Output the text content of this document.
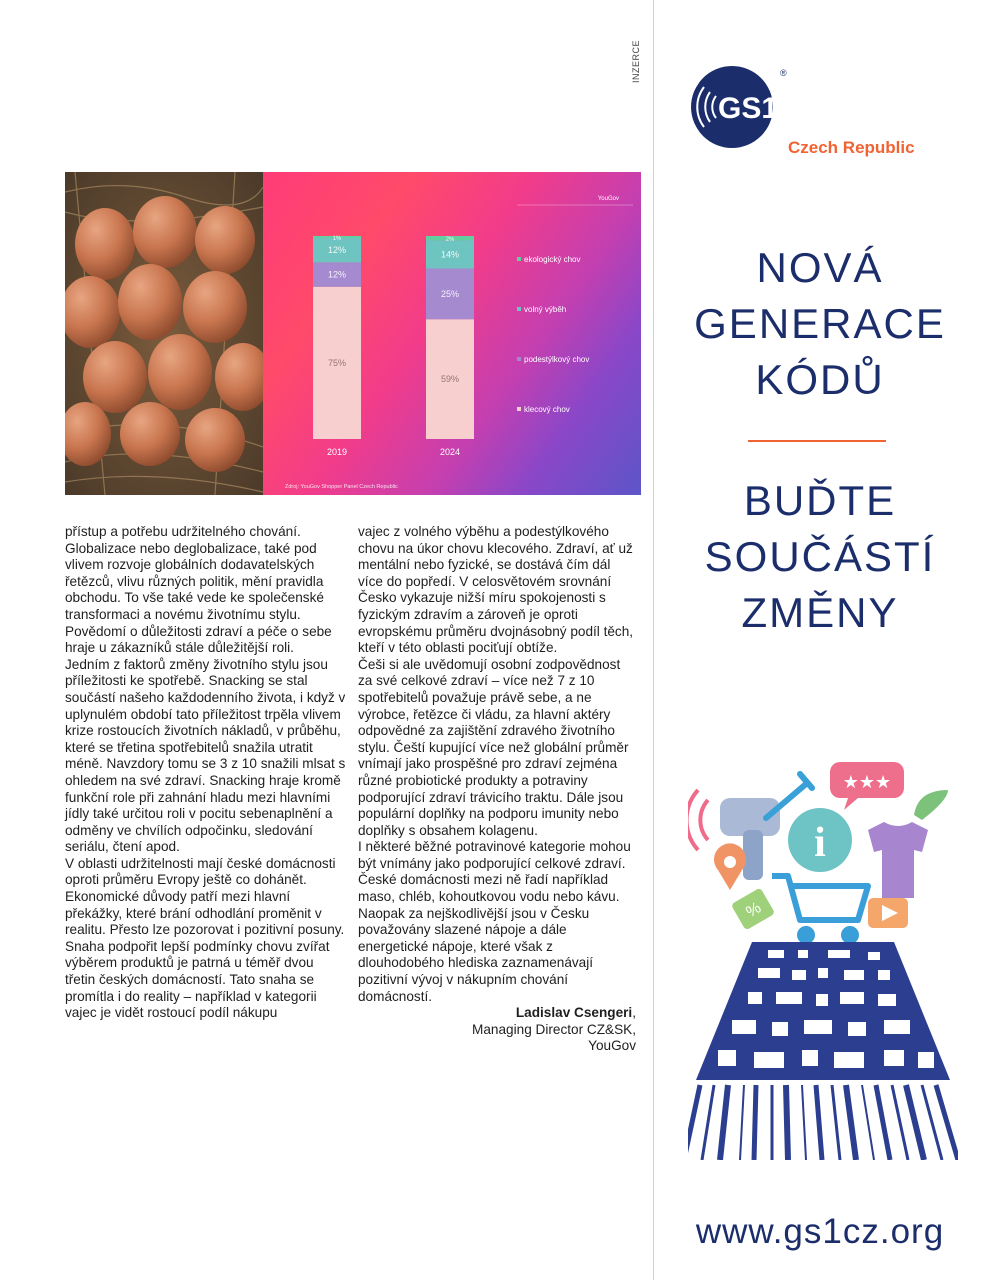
YouGov
75%
12%
12%
1%
2019
59%
25%
14%
2%
2024
ekologický chov
volný výběh
podestýlkový chov
klecový chov
Zdroj: YouGov Shopper Panel Czech Republic

přístup a potřebu udržitelného chování. Globalizace nebo deglobalizace, také pod vlivem rozvoje globálních dodavatelských řetězců, vlivu různých politik, mění pravidla obchodu. To vše také vede ke společenské transformaci a novému životnímu stylu. Povědomí o důležitosti zdraví a péče o sebe hraje u zákazníků stále důležitější roli.

Jedním z faktorů změny životního stylu jsou příležitosti ke spotřebě. Snacking se stal součástí našeho každodenního života, i když v uplynulém období tato příležitost trpěla vlivem krize rostoucích životních nákladů, v průběhu, které se třetina spotřebitelů snažila utratit méně. Navzdory tomu se 3 z 10 snažili mlsat s ohledem na své zdraví. Snacking hraje kromě funkční role při zahnání hladu mezi hlavními jídly také určitou roli v pocitu sebenaplnění a odměny ve chvílích odpočinku, sledování seriálu, čtení apod.

V oblasti udržitelnosti mají české domácnosti oproti průměru Evropy ještě co dohánět. Ekonomické důvody patří mezi hlavní překážky, které brání odhodlání proměnit v realitu. Přesto lze pozorovat i pozitivní posuny. Snaha podpořit lepší podmínky chovu zvířat výběrem produktů je patrná u téměř dvou třetin českých domácností. Tato snaha se promítla i do reality – například v kategorii vajec je vidět rostoucí podíl nákupu

vajec z volného výběhu a podestýlkového chovu na úkor chovu klecového. Zdraví, ať už mentální nebo fyzické, se dostává čím dál více do popředí. V celosvětovém srovnání Česko vykazuje nižší míru spokojenosti s fyzickým zdravím a zároveň je oproti evropskému průměru dvojnásobný podíl těch, kteří v této oblasti pociťují obtíže.

Češi si ale uvědomují osobní zodpovědnost za své celkové zdraví – více než 7 z 10 spotřebitelů považuje právě sebe, a ne výrobce, řetězce či vládu, za hlavní aktéry odpovědné za zajištění zdravého životního stylu. Čeští kupující více než globální průměr vnímají jako prospěšné pro zdraví zejména různé probiotické produkty a potraviny podporující zdraví trávicího traktu. Dále jsou populární doplňky na podporu imunity nebo doplňky s obsahem kolagenu.

I některé běžné potravinové kategorie mohou být vnímány jako podporující celkové zdraví. České domácnosti mezi ně řadí například maso, chléb, kohoutkovou vodu nebo kávu. Naopak za nejškodlivější jsou v Česku považovány slazené nápoje a dále energetické nápoje, které však z dlouhodobého hlediska zaznamenávají pozitivní vývoj v nákupním chování domácností.

Ladislav Csengeri,
Managing Director CZ&SK,
YouGov

INZERCE
GS1
®
Czech Republic
NOVÁ
GENERACE
KÓDŮ
BUĎTE
SOUČÁSTÍ
ZMĚNY
★★★
i
%
www.gs1cz.org
